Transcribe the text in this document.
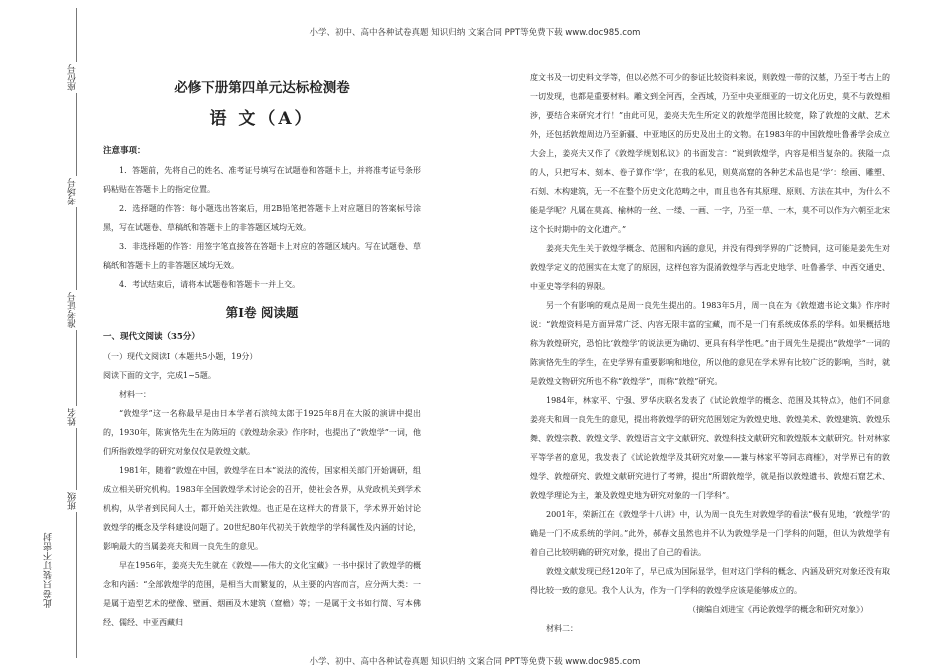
小学、初中、高中各种试卷真题 知识归纳 文案合同 PPT等免费下载 www.doc985.com
座位号
考场号
准考证号
姓名
班级
此卷只装订不密封
必修下册第四单元达标检测卷
语 文（A）
注意事项：

1．答题前，先将自己的姓名、准考证号填写在试题卷和答题卡上，并将准考证号条形码粘贴在答题卡上的指定位置。

2．选择题的作答：每小题选出答案后，用2B铅笔把答题卡上对应题目的答案标号涂黑，写在试题卷、草稿纸和答题卡上的非答题区域均无效。

3．非选择题的作答：用签字笔直接答在答题卡上对应的答题区域内。写在试题卷、草稿纸和答题卡上的非答题区域均无效。

4．考试结束后，请将本试题卷和答题卡一并上交。

第Ⅰ卷 阅读题
一、现代文阅读（35分）

（一）现代文阅读Ⅰ（本题共5小题，19分）

阅读下面的文字，完成1~5题。

材料一：

“敦煌学”这一名称最早是由日本学者石滨纯太郎于1925年8月在大阪的演讲中提出的，1930年，陈寅恪先生在为陈垣的《敦煌劫余录》作序时，也提出了“敦煌学”一词，他们所指敦煌学的研究对象仅仅是敦煌文献。

1981年，随着“敦煌在中国，敦煌学在日本”说法的流传，国家相关部门开始调研，组成立相关研究机构。1983年全国敦煌学术讨论会的召开，使社会各界，从党政机关到学术机构，从学者到民间人士，都开始关注敦煌。也正是在这样大的背景下，学术界开始讨论敦煌学的概念及学科建设问题了。20世纪80年代初关于敦煌学的学科属性及内涵的讨论，影响最大的当属姜亮夫和周一良先生的意见。

早在1956年，姜亮夫先生就在《敦煌——伟大的文化宝藏》一书中探讨了敦煌学的概念和内涵：“全部敦煌学的范围，是相当大而繁复的，从主要的内容而言，应分两大类：一是属于造型艺术的壁像、壁画、烟画及木建筑（窟檐）等；一是属于文书如行简、写本佛经、儒经、中亚西藏归

度文书及一切史料文学等，但以必然不可少的参证比较资料来说，则敦煌一带的汉墓，乃至于考古上的一切发现，也都是重要材料。雕文到全河西，全西域，乃至中央亚细亚的一切文化历史，莫不与敦煌相涉，要结合来研究才行！”由此可见，姜亮夫先生所定义的敦煌学范围比较宽，除了敦煌的文献、艺术外，还包括敦煌周边乃至新疆、中亚地区的历史及出土的文物。在1983年的中国敦煌吐鲁番学会成立大会上，姜亮夫又作了《敦煌学规划私议》的书面发言：“说到敦煌学，内容是相当复杂的。狭隘一点的人，只把写本、刻本、卷子算作‘学’，在我的私见，则莫高窟的各种艺术品也是‘学’：绘画、雕塑、石刻、木构建筑，无一不在整个历史文化范畴之中，而且也各有其原理、原则、方法在其中，为什么不能是学呢？凡属在莫高、榆林的一丝、一缕、一画、一字，乃至一草、一木，莫不可以作为六朝至北宋这个长时期中的文化遗产。”

姜亮夫先生关于敦煌学概念、范围和内涵的意见，并没有得到学界的广泛赞同，这可能是姜先生对敦煌学定义的范围实在太宽了的原因，这样包容为混淆敦煌学与西北史地学、吐鲁番学、中西交通史、中亚史等学科的界限。

另一个有影响的观点是周一良先生提出的。1983年5月，周一良在为《敦煌遗书论文集》作序时说：“敦煌资料是方面异常广泛、内容无限丰富的宝藏，而不是一门有系统成体系的学科。如果概括地称为敦煌研究，恐怕比‘敦煌学’的说法更为确切、更具有科学性吧。”由于周先生是提出“敦煌学”一词的陈寅恪先生的学生，在史学界有重要影响和地位，所以他的意见在学术界有比较广泛的影响，当时，就是敦煌文物研究所也不称“敦煌学”，而称“敦煌”研究。

1984年，林家平、宁强、罗华庆联名发表了《试论敦煌学的概念、范围及其特点》，他们不同意姜亮夫和周一良先生的意见，提出将敦煌学的研究范围划定为敦煌史地、敦煌美术、敦煌建筑、敦煌乐舞、敦煌宗教、敦煌文学、敦煌语言文字文献研究、敦煌科技文献研究和敦煌版本文献研究。针对林家平等学者的意见，我发表了《试论敦煌学及其研究对象——兼与林家平等同志商榷》，对学界已有的敦煌学、敦煌研究、敦煌文献研究进行了考辨，提出“所谓敦煌学，就是指以敦煌遗书、敦煌石窟艺术、敦煌学理论为主，兼及敦煌史地为研究对象的一门学科”。

2001年，荣新江在《敦煌学十八讲》中，认为周一良先生对敦煌学的看法“极有见地，‘敦煌学’的确是一门不成系统的学问。”此外，郝春文虽然也并不认为敦煌学是一门学科的问题，但认为敦煌学有着自己比较明确的研究对象，提出了自己的看法。

敦煌文献发现已经120年了，早已成为国际显学，但对这门学科的概念、内涵及研究对象还没有取得比较一致的意见。我个人认为，作为一门学科的敦煌学应该是能够成立的。

（摘编自刘进宝《再论敦煌学的概念和研究对象》）

材料二：

小学、初中、高中各种试卷真题 知识归纳 文案合同 PPT等免费下载 www.doc985.com
